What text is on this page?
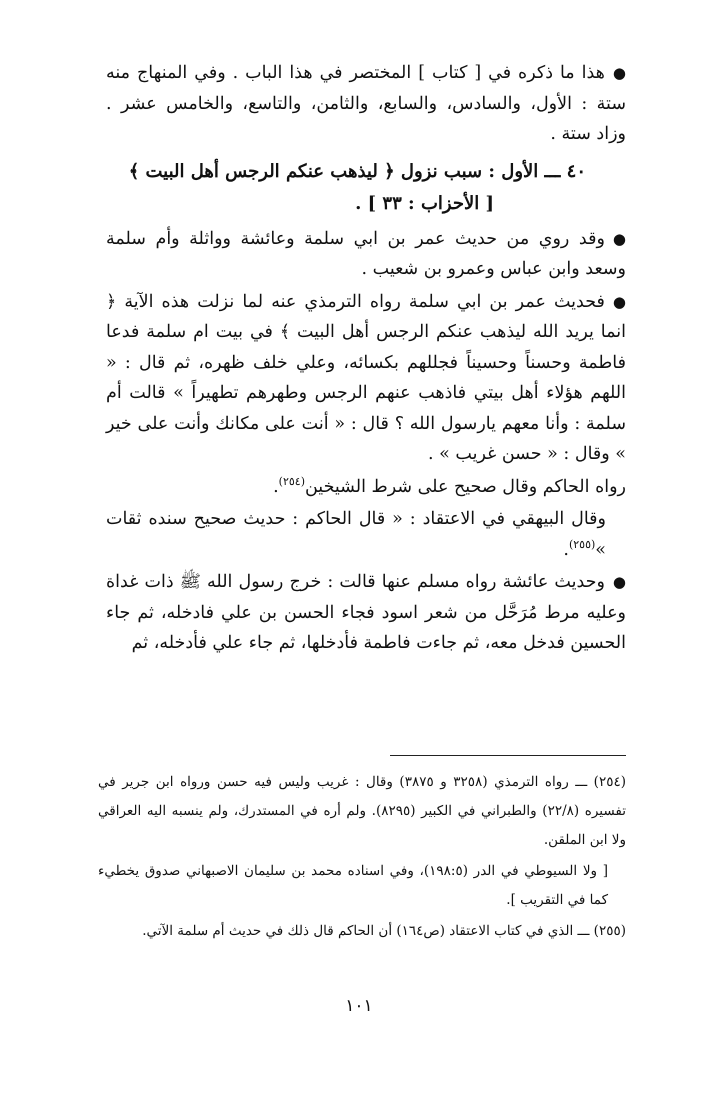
●هذا ما ذكره في [ كتاب ] المختصر في هذا الباب . وفي المنهاج منه ستة : الأول، والسادس، والسابع، والثامن، والتاسع، والخامس عشر . وزاد ستة .

٤٠ ـــ الأول : سبب نزول ﴿ ليذهب عنكم الرجس أهل البيت ﴾
[ الأحزاب : ٣٣ ] .

●وقد روي من حديث عمر بن ابي سلمة وعائشة وواثلة وأم سلمة وسعد وابن عباس وعمرو بن شعيب .

●فحديث عمر بن ابي سلمة رواه الترمذي عنه لما نزلت هذه الآية ﴿ انما يريد الله ليذهب عنكم الرجس أهل البيت ﴾ في بيت ام سلمة فدعا فاطمة وحسناً وحسيناً فجللهم بكسائه، وعلي خلف ظهره، ثم قال : « اللهم هؤلاء أهل بيتي فاذهب عنهم الرجس وطهرهم تطهيراً » قالت أم سلمة : وأنا معهم يارسول الله ؟ قال : « أنت على مكانك وأنت على خير » وقال : « حسن غريب » .

رواه الحاكم وقال صحيح على شرط الشيخين$^{(٢٥٤)}$.

وقال البيهقي في الاعتقاد : « قال الحاكم : حديث صحيح سنده ثقات »$^{(٢٥٥)}$.

●وحديث عائشة رواه مسلم عنها قالت : خرج رسول الله ﷺ ذات غداة وعليه مرط مُرَحَّل من شعر اسود فجاء الحسن بن علي فادخله، ثم جاء الحسين فدخل معه، ثم جاءت فاطمة فأدخلها، ثم جاء علي فأدخله، ثم

(٢٥٤) ـــ رواه الترمذي (٣٢٥٨ و ٣٨٧٥) وقال : غريب وليس فيه حسن ورواه ابن جرير في تفسيره (٢٢/٨) والطبراني في الكبير (٨٢٩٥). ولم أره في المستدرك، ولم ينسبه اليه العراقي ولا ابن الملقن.

[ ولا السيوطي في الدر (١٩٨:٥)، وفي اسناده محمد بن سليمان الاصبهاني صدوق يخطيء كما في التقريب ].

(٢٥٥) ـــ الذي في كتاب الاعتقاد (ص١٦٤) أن الحاكم قال ذلك في حديث أم سلمة الآتي.

١٠١
